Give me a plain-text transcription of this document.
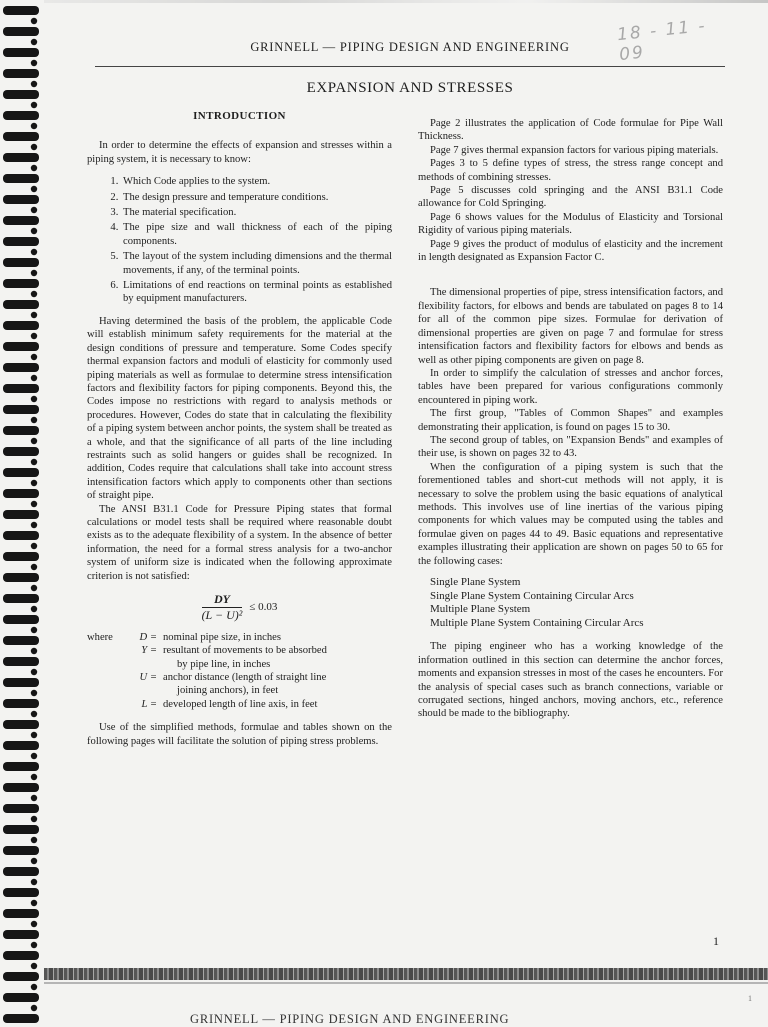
18 - 11 - 09
GRINNELL — PIPING DESIGN AND ENGINEERING
EXPANSION AND STRESSES
INTRODUCTION

In order to determine the effects of expansion and stresses within a piping system, it is necessary to know:

1. Which Code applies to the system.
2. The design pressure and temperature conditions.
3. The material specification.
4. The pipe size and wall thickness of each of the piping components.
5. The layout of the system including dimensions and the thermal movements, if any, of the terminal points.
6. Limitations of end reactions on terminal points as established by equipment manufacturers.

Having determined the basis of the problem, the applicable Code will establish minimum safety requirements for the material at the design conditions of pressure and temperature. Some Codes specify thermal expansion factors and moduli of elasticity for commonly used piping materials as well as formulae to determine stress intensification factors and flexibility factors for piping components. Beyond this, the Codes impose no restrictions with regard to analysis methods or procedures. However, Codes do state that in calculating the flexibility of a piping system between anchor points, the system shall be treated as a whole, and that the significance of all parts of the line including restraints such as solid hangers or guides shall be recognized. In addition, Codes require that calculations shall take into account stress intensification factors which apply to components other than sections of straight pipe.

The ANSI B31.1 Code for Pressure Piping states that formal calculations or model tests shall be required where reasonable doubt exists as to the adequate flexibility of a system. In the absence of better information, the need for a formal stress analysis for a two-anchor system of uniform size is indicated when the following approximate criterion is not satisfied:

$\frac{DY}{\text{(L − U)²}} \le 0.03$
where	D = nominal pipe size, in inches
Y = resultant of movements to be absorbed
by pipe line, in inches
U = anchor distance (length of straight line
joining anchors), in feet
L = developed length of line axis, in feet

Use of the simplified methods, formulae and tables shown on the following pages will facilitate the solution of piping stress problems.

Page 2 illustrates the application of Code formulae for Pipe Wall Thickness.

Page 7 gives thermal expansion factors for various piping materials.

Pages 3 to 5 define types of stress, the stress range concept and methods of combining stresses.

Page 5 discusses cold springing and the ANSI B31.1 Code allowance for Cold Springing.

Page 6 shows values for the Modulus of Elasticity and Torsional Rigidity of various piping materials.

Page 9 gives the product of modulus of elasticity and the increment in length designated as Expansion Factor C.

The dimensional properties of pipe, stress intensification factors, and flexibility factors, for elbows and bends are tabulated on pages 8 to 14 for all of the common pipe sizes. Formulae for derivation of dimensional properties are given on page 7 and formulae for stress intensification factors and flexibility factors for elbows and bends as well as other piping components are given on page 8.

In order to simplify the calculation of stresses and anchor forces, tables have been prepared for various configurations commonly encountered in piping work.

The first group, "Tables of Common Shapes" and examples demonstrating their application, is found on pages 15 to 30.

The second group of tables, on "Expansion Bends" and examples of their use, is shown on pages 32 to 43.

When the configuration of a piping system is such that the forementioned tables and short-cut methods will not apply, it is necessary to solve the problem using the basic equations of analytical methods. This involves use of line inertias of the various piping components for which values may be computed using the tables and formulae given on pages 44 to 49. Basic equations and representative examples illustrating their application are shown on pages 50 to 65 for the following cases:

Single Plane System
Single Plane System Containing Circular Arcs
Multiple Plane System
Multiple Plane System Containing Circular Arcs

The piping engineer who has a working knowledge of the information outlined in this section can determine the anchor forces, moments and expansion stresses in most of the cases he encounters. For the analysis of special cases such as branch connections, variable or corrugated sections, hinged anchors, moving anchors, etc., reference should be made to the bibliography.

1
1
GRINNELL — PIPING DESIGN AND ENGINEERING
